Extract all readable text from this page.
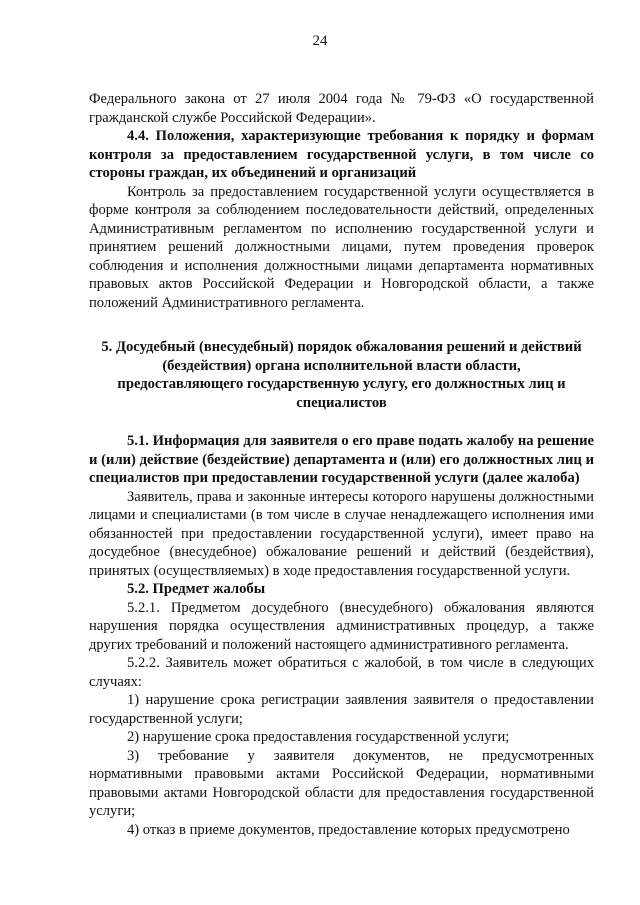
24

Федерального закона от 27 июля 2004 года № 79-ФЗ «О государственной гражданской службе Российской Федерации».

4.4. Положения, характеризующие требования к порядку и формам контроля за предоставлением государственной услуги, в том числе со стороны граждан, их объединений и организаций

Контроль за предоставлением государственной услуги осуществляется в форме контроля за соблюдением последовательности действий, определенных Административным регламентом по исполнению государственной услуги и принятием решений должностными лицами, путем проведения проверок соблюдения и исполнения должностными лицами департамента нормативных правовых актов Российской Федерации и Новгородской области, а также положений Административного регламента.

5. Досудебный (внесудебный) порядок обжалования решений и действий (бездействия) органа исполнительной власти области, предоставляющего государственную услугу, его должностных лиц и специалистов

5.1. Информация для заявителя о его праве подать жалобу на решение и (или) действие (бездействие) департамента и (или) его должностных лиц и специалистов при предоставлении государственной услуги (далее жалоба)

Заявитель, права и законные интересы которого нарушены должностными лицами и специалистами (в том числе в случае ненадлежащего исполнения ими обязанностей при предоставлении государственной услуги), имеет право на досудебное (внесудебное) обжалование решений и действий (бездействия), принятых (осуществляемых) в ходе предоставления государственной услуги.

5.2. Предмет жалобы

5.2.1. Предметом досудебного (внесудебного) обжалования являются нарушения порядка осуществления административных процедур, а также других требований и положений настоящего административного регламента.

5.2.2. Заявитель может обратиться с жалобой, в том числе в следующих случаях:

1) нарушение срока регистрации заявления заявителя о предоставлении государственной услуги;

2) нарушение срока предоставления государственной услуги;

3) требование у заявителя документов, не предусмотренных нормативными правовыми актами Российской Федерации, нормативными правовыми актами Новгородской области для предоставления государственной услуги;

4) отказ в приеме документов, предоставление которых предусмотрено
